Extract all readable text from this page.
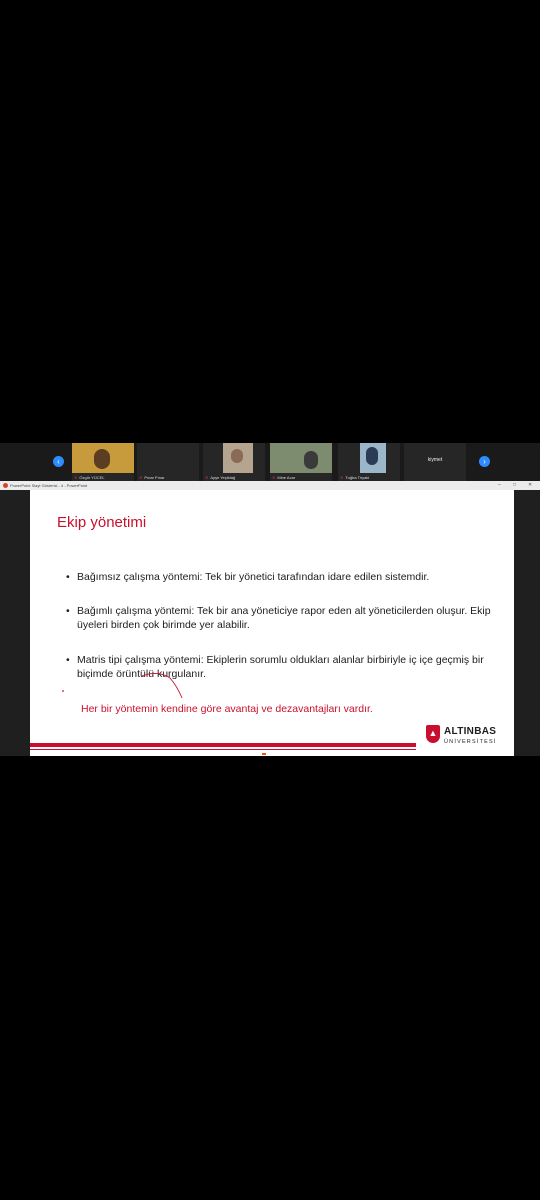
‹
✕ Özgür YÜCEL	✕ Pınar Pınar	✕ Ayşe Yeşildağ	✕ Mine Acar	✕ Tuğba Tiryaki
kiymet	›
PowerPoint Slayt Gösterisi - 4 - PowerPoint	– □ ✕
Ekip yönetimi
• Bağımsız çalışma yöntemi: Tek bir yönetici tarafından idare edilen sistemdir.
• Bağımlı çalışma yöntemi: Tek bir ana yöneticiye rapor eden alt yöneticilerden oluşur. Ekip üyeleri birden çok birimde yer alabilir.
• Matris tipi çalışma yöntemi: Ekiplerin sorumlu oldukları alanlar birbiriyle iç içe geçmiş bir biçimde örüntülü kurgulanır.
Her bir yöntemin kendine göre avantaj ve dezavantajları vardır.
▲ ALTINBAS
ÜNİVERSİTESİ
